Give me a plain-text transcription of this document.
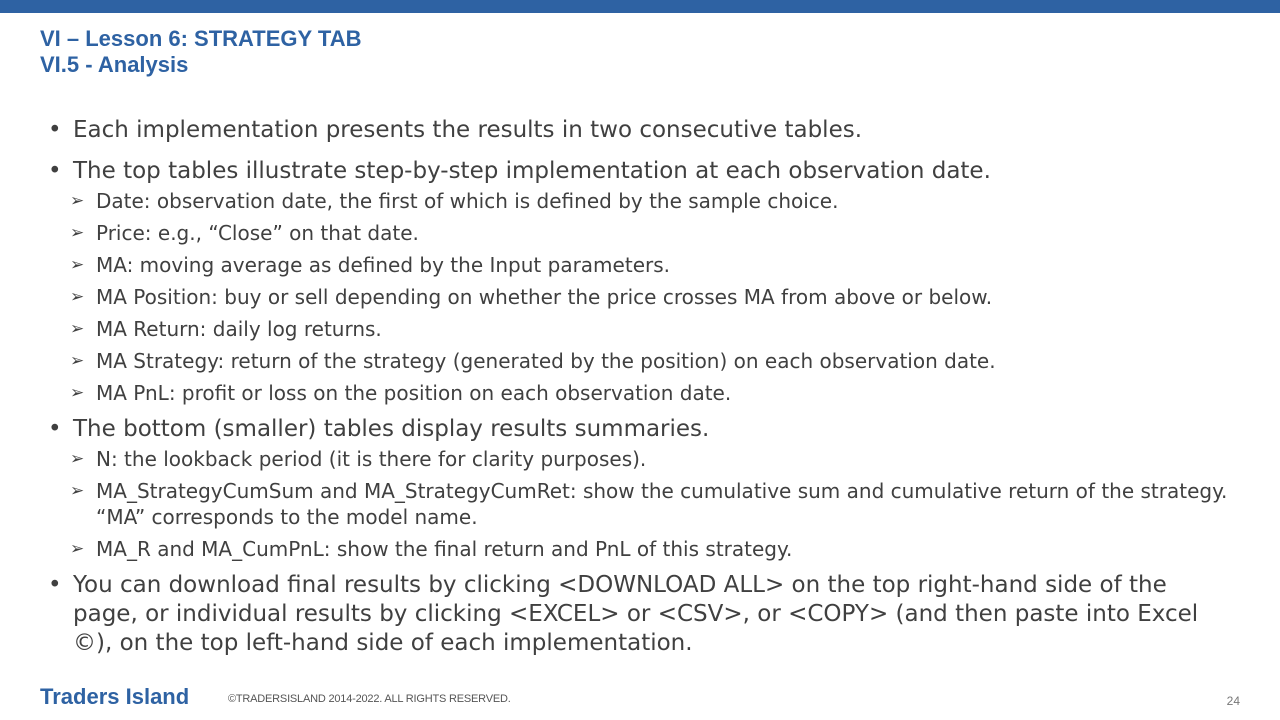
VI – Lesson 6: STRATEGY TAB
VI.5 - Analysis
• Each implementation presents the results in two consecutive tables.
• The top tables illustrate step-by-step implementation at each observation date.
➢ Date: observation date, the first of which is defined by the sample choice.
➢ Price: e.g., “Close” on that date.
➢ MA: moving average as defined by the Input parameters.
➢ MA Position: buy or sell depending on whether the price crosses MA from above or below.
➢ MA Return: daily log returns.
➢ MA Strategy: return of the strategy (generated by the position) on each observation date.
➢ MA PnL: profit or loss on the position on each observation date.
• The bottom (smaller) tables display results summaries.
➢ N: the lookback period (it is there for clarity purposes).
➢ MA_StrategyCumSum and MA_StrategyCumRet: show the cumulative sum and cumulative return of the strategy. “MA” corresponds to the model name.
➢ MA_R and MA_CumPnL: show the final return and PnL of this strategy.
• You can download final results by clicking <DOWNLOAD ALL> on the top right-hand side of the page, or individual results by clicking <EXCEL> or <CSV>, or <COPY> (and then paste into Excel ©), on the top left-hand side of each implementation.
Traders Island	©TRADERSISLAND 2014-2022. ALL RIGHTS RESERVED.	24
